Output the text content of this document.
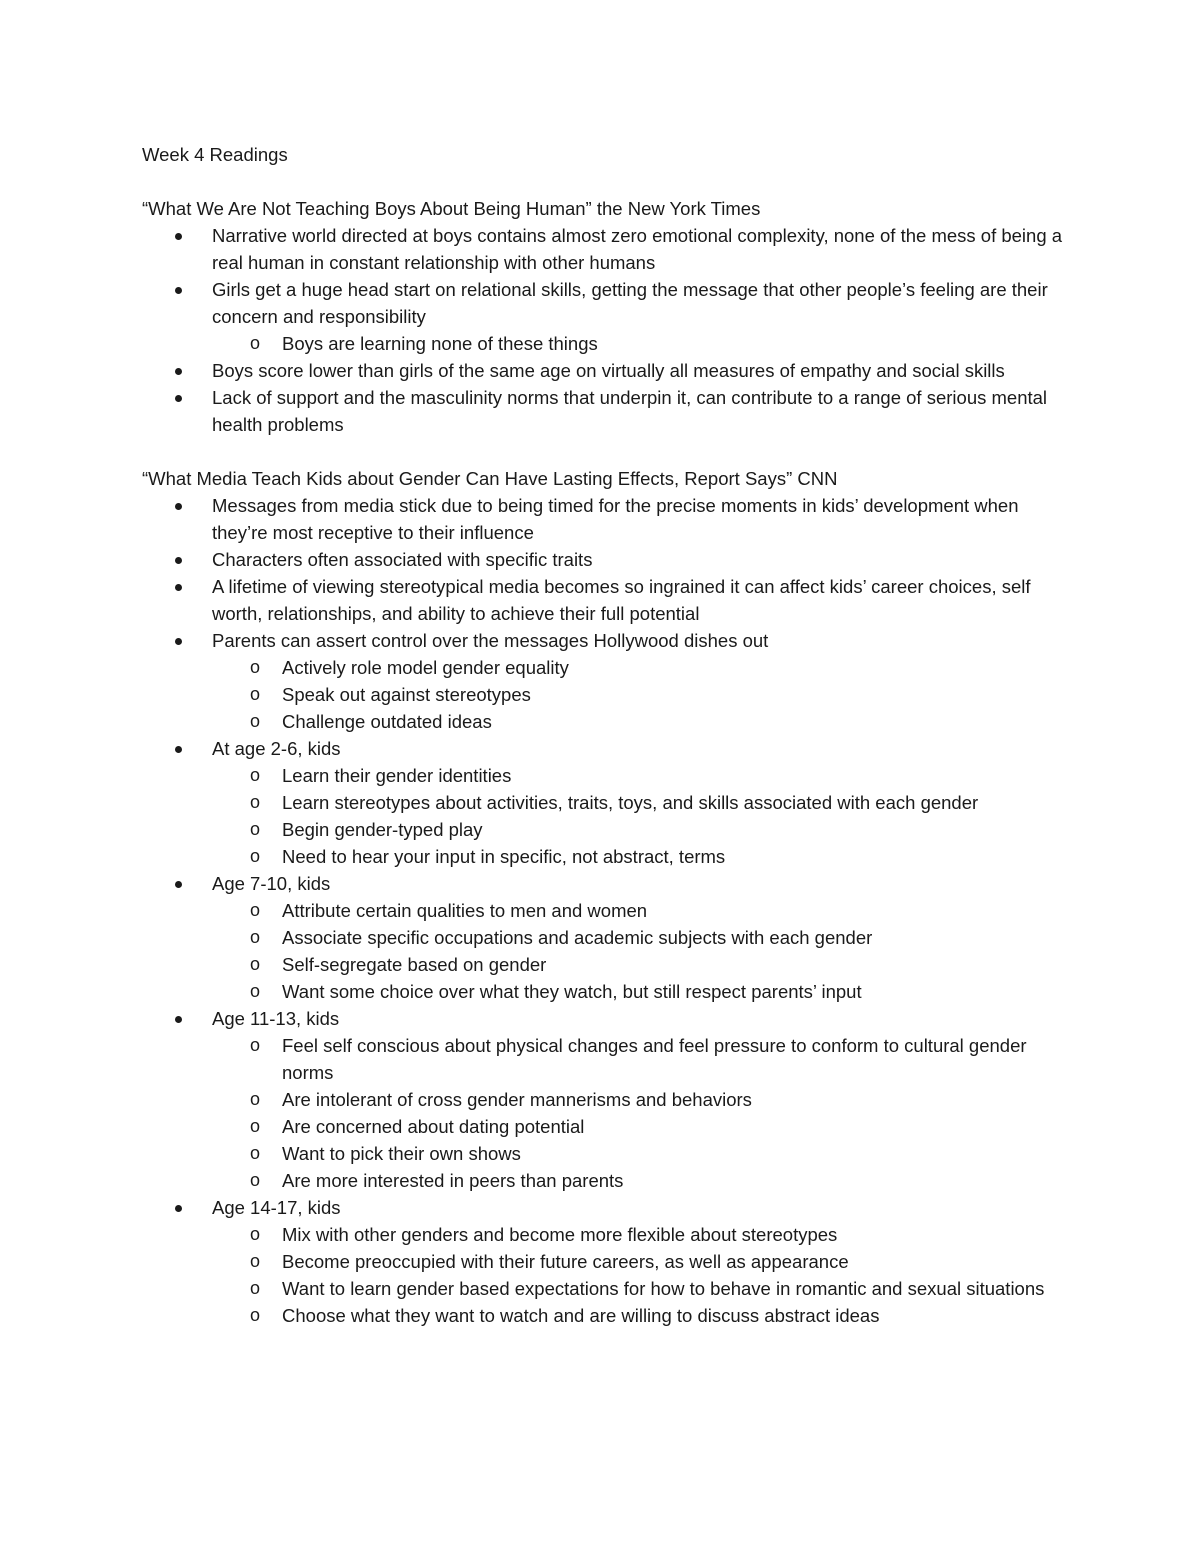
Week 4 Readings

“What We Are Not Teaching Boys About Being Human” the New York Times

Narrative world directed at boys contains almost zero emotional complexity, none of the mess of being a real human in constant relationship with other humans
Girls get a huge head start on relational skills, getting the message that other people’s feeling are their concern and responsibility
o Boys are learning none of these things
Boys score lower than girls of the same age on virtually all measures of empathy and social skills
Lack of support and the masculinity norms that underpin it, can contribute to a range of serious mental health problems

“What Media Teach Kids about Gender Can Have Lasting Effects, Report Says” CNN

Messages from media stick due to being timed for the precise moments in kids’ development when they’re most receptive to their influence
Characters often associated with specific traits
A lifetime of viewing stereotypical media becomes so ingrained it can affect kids’ career choices, self worth, relationships, and ability to achieve their full potential
Parents can assert control over the messages Hollywood dishes out
o Actively role model gender equality
o Speak out against stereotypes
o Challenge outdated ideas
At age 2-6, kids
o Learn their gender identities
o Learn stereotypes about activities, traits, toys, and skills associated with each gender
o Begin gender-typed play
o Need to hear your input in specific, not abstract, terms
Age 7-10, kids
o Attribute certain qualities to men and women
o Associate specific occupations and academic subjects with each gender
o Self-segregate based on gender
o Want some choice over what they watch, but still respect parents’ input
Age 11-13, kids
o Feel self conscious about physical changes and feel pressure to conform to cultural gender norms
o Are intolerant of cross gender mannerisms and behaviors
o Are concerned about dating potential
o Want to pick their own shows
o Are more interested in peers than parents
Age 14-17, kids
o Mix with other genders and become more flexible about stereotypes
o Become preoccupied with their future careers, as well as appearance
o Want to learn gender based expectations for how to behave in romantic and sexual situations
o Choose what they want to watch and are willing to discuss abstract ideas
